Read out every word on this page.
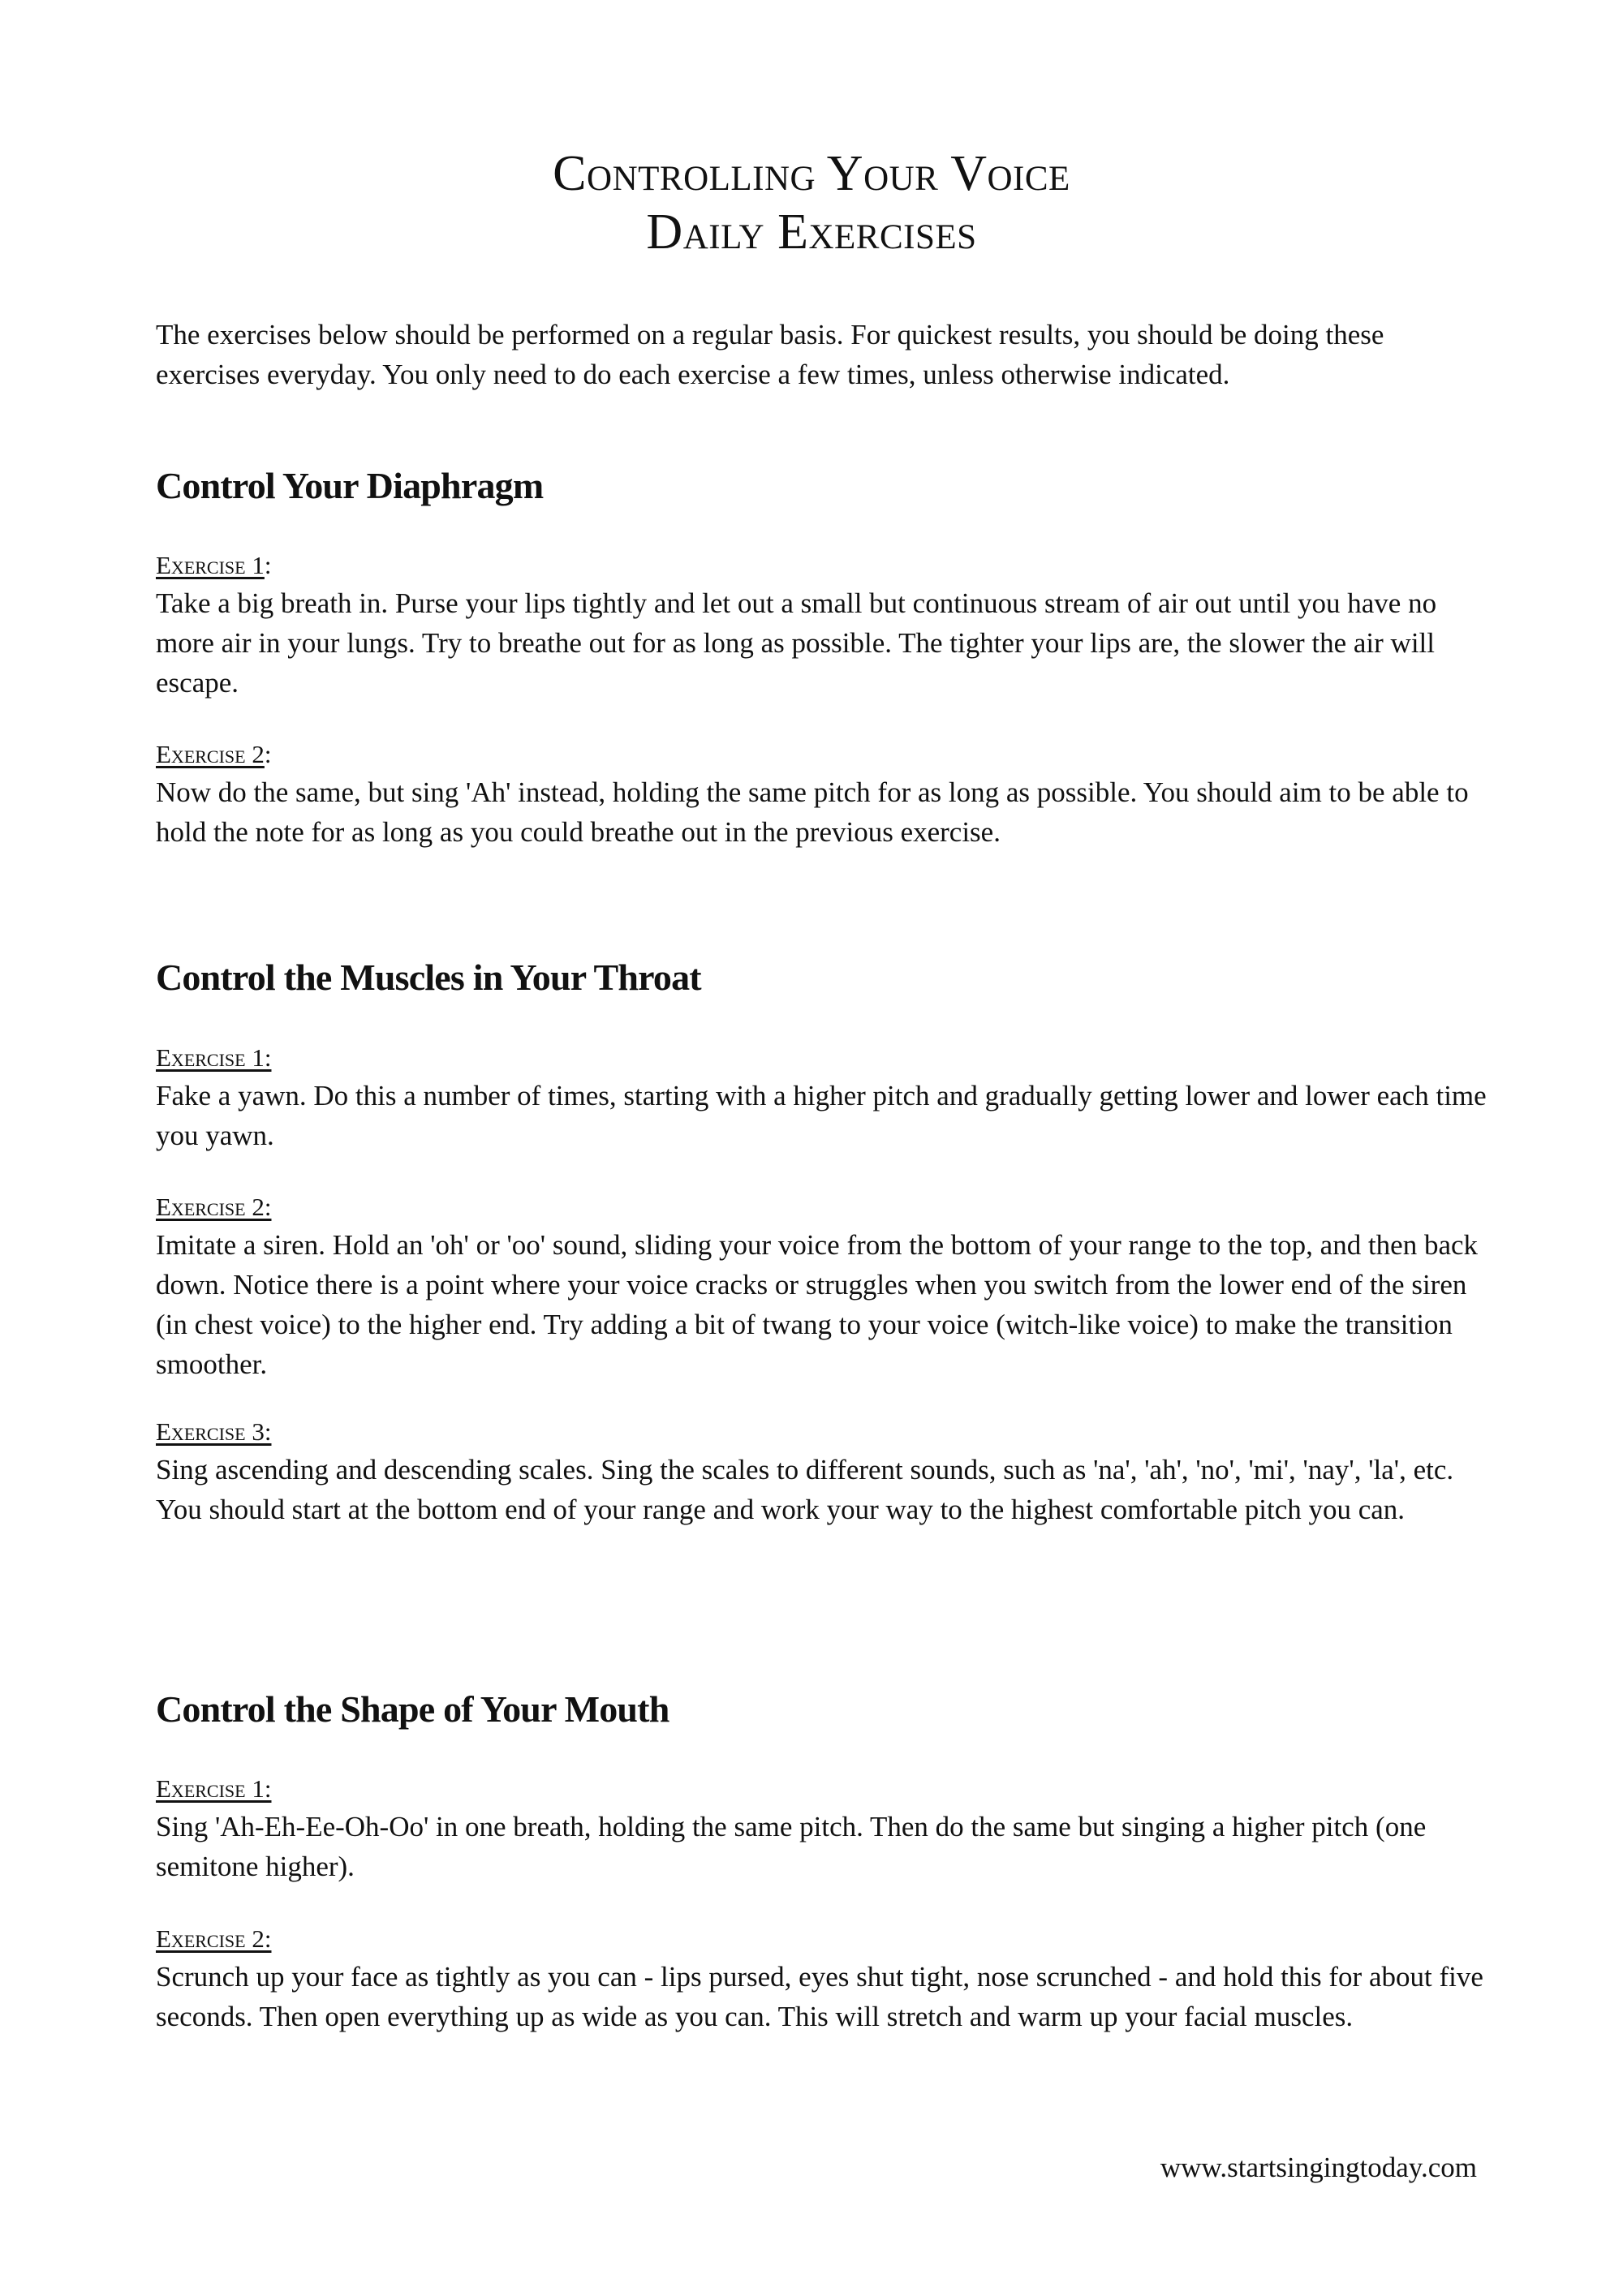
Controlling Your Voice
Daily Exercises
The exercises below should be performed on a regular basis. For quickest results, you should be doing these exercises everyday. You only need to do each exercise a few times, unless otherwise indicated.
Control Your Diaphragm
Exercise 1:
Take a big breath in. Purse your lips tightly and let out a small but continuous stream of air out until you have no more air in your lungs. Try to breathe out for as long as possible. The tighter your lips are, the slower the air will escape.
Exercise 2:
Now do the same, but sing 'Ah' instead, holding the same pitch for as long as possible. You should aim to be able to hold the note for as long as you could breathe out in the previous exercise.
Control the Muscles in Your Throat
Exercise 1:
Fake a yawn. Do this a number of times, starting with a higher pitch and gradually getting lower and lower each time you yawn.
Exercise 2:
Imitate a siren. Hold an 'oh' or 'oo' sound, sliding your voice from the bottom of your range to the top, and then back down. Notice there is a point where your voice cracks or struggles when you switch from the lower end of the siren (in chest voice) to the higher end. Try adding a bit of twang to your voice (witch-like voice) to make the transition smoother.
Exercise 3:
Sing ascending and descending scales. Sing the scales to different sounds, such as 'na', 'ah', 'no', 'mi', 'nay', 'la', etc. You should start at the bottom end of your range and work your way to the highest comfortable pitch you can.
Control the Shape of Your Mouth
Exercise 1:
Sing 'Ah-Eh-Ee-Oh-Oo' in one breath, holding the same pitch. Then do the same but singing a higher pitch (one semitone higher).
Exercise 2:
Scrunch up your face as tightly as you can - lips pursed, eyes shut tight, nose scrunched - and hold this for about five seconds. Then open everything up as wide as you can. This will stretch and warm up your facial muscles.
www.startsingingtoday.com
